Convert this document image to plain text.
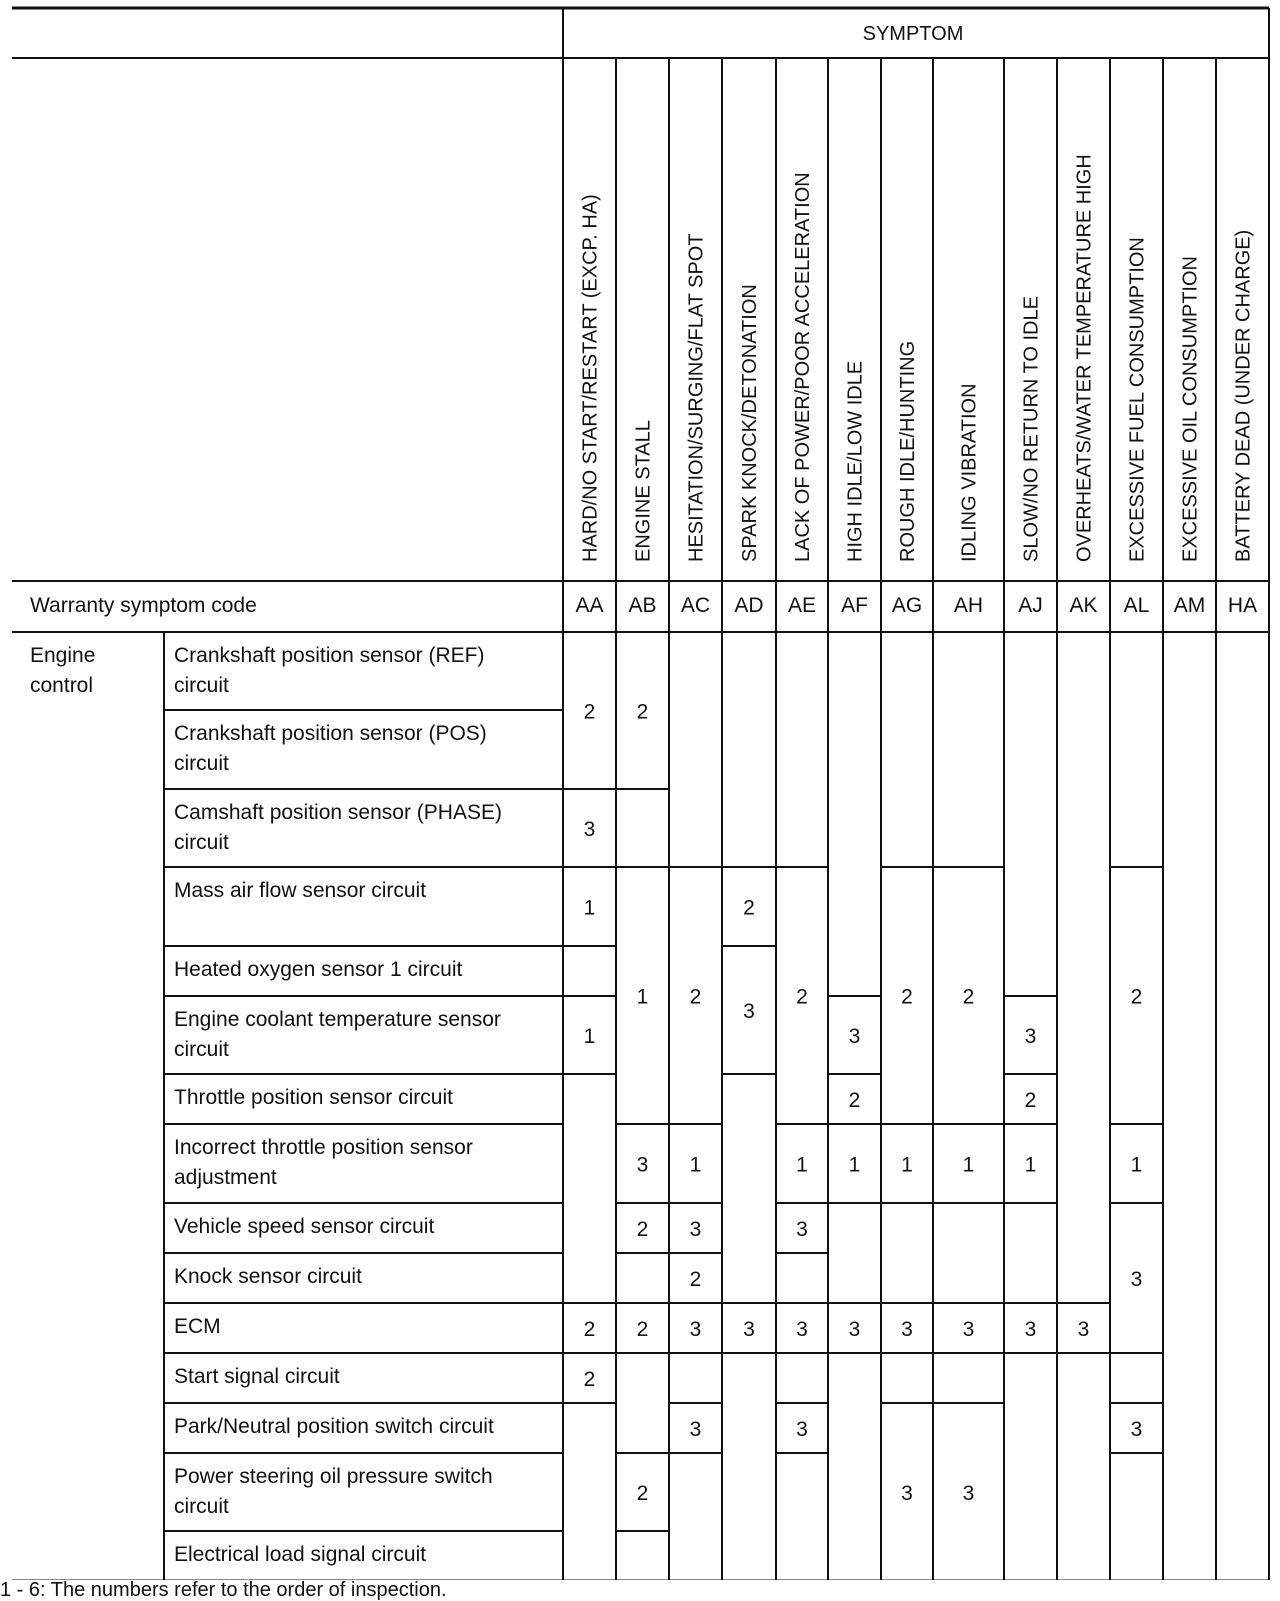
SYMPTOM
HARD/NO START/RESTART (EXCP. HA) ENGINE STALL HESITATION/SURGING/FLAT SPOT SPARK KNOCK/DETONATION LACK OF POWER/POOR ACCELERATION HIGH IDLE/LOW IDLE ROUGH IDLE/HUNTING IDLING VIBRATION SLOW/NO RETURN TO IDLE OVERHEATS/WATER TEMPERATURE HIGH EXCESSIVE FUEL CONSUMPTION EXCESSIVE OIL CONSUMPTION BATTERY DEAD (UNDER CHARGE)
Warranty symptom code	AA AB AC AD AE AF AG AH AJ AK AL AM HA
Engine
control
Crankshaft position sensor (REF)
circuit
Crankshaft position sensor (POS)
circuit
Camshaft position sensor (PHASE)
circuit
Mass air flow sensor circuit
Heated oxygen sensor 1 circuit
Engine coolant temperature sensor
circuit
Throttle position sensor circuit
Incorrect throttle position sensor
adjustment
Vehicle speed sensor circuit
Knock sensor circuit
ECM
Start signal circuit
Park/Neutral position switch circuit
Power steering oil pressure switch
circuit
Electrical load signal circuit
2
3
1
1
2
2
2
1
3
2
2
2
2
1
3
2
3
3
2
3
3
2
1
3
3
3
3
2
1
3
2
1
3
3
2
1
3
3
3
2
1
3 3
2
1
3
3
1 - 6: The numbers refer to the order of inspection.
